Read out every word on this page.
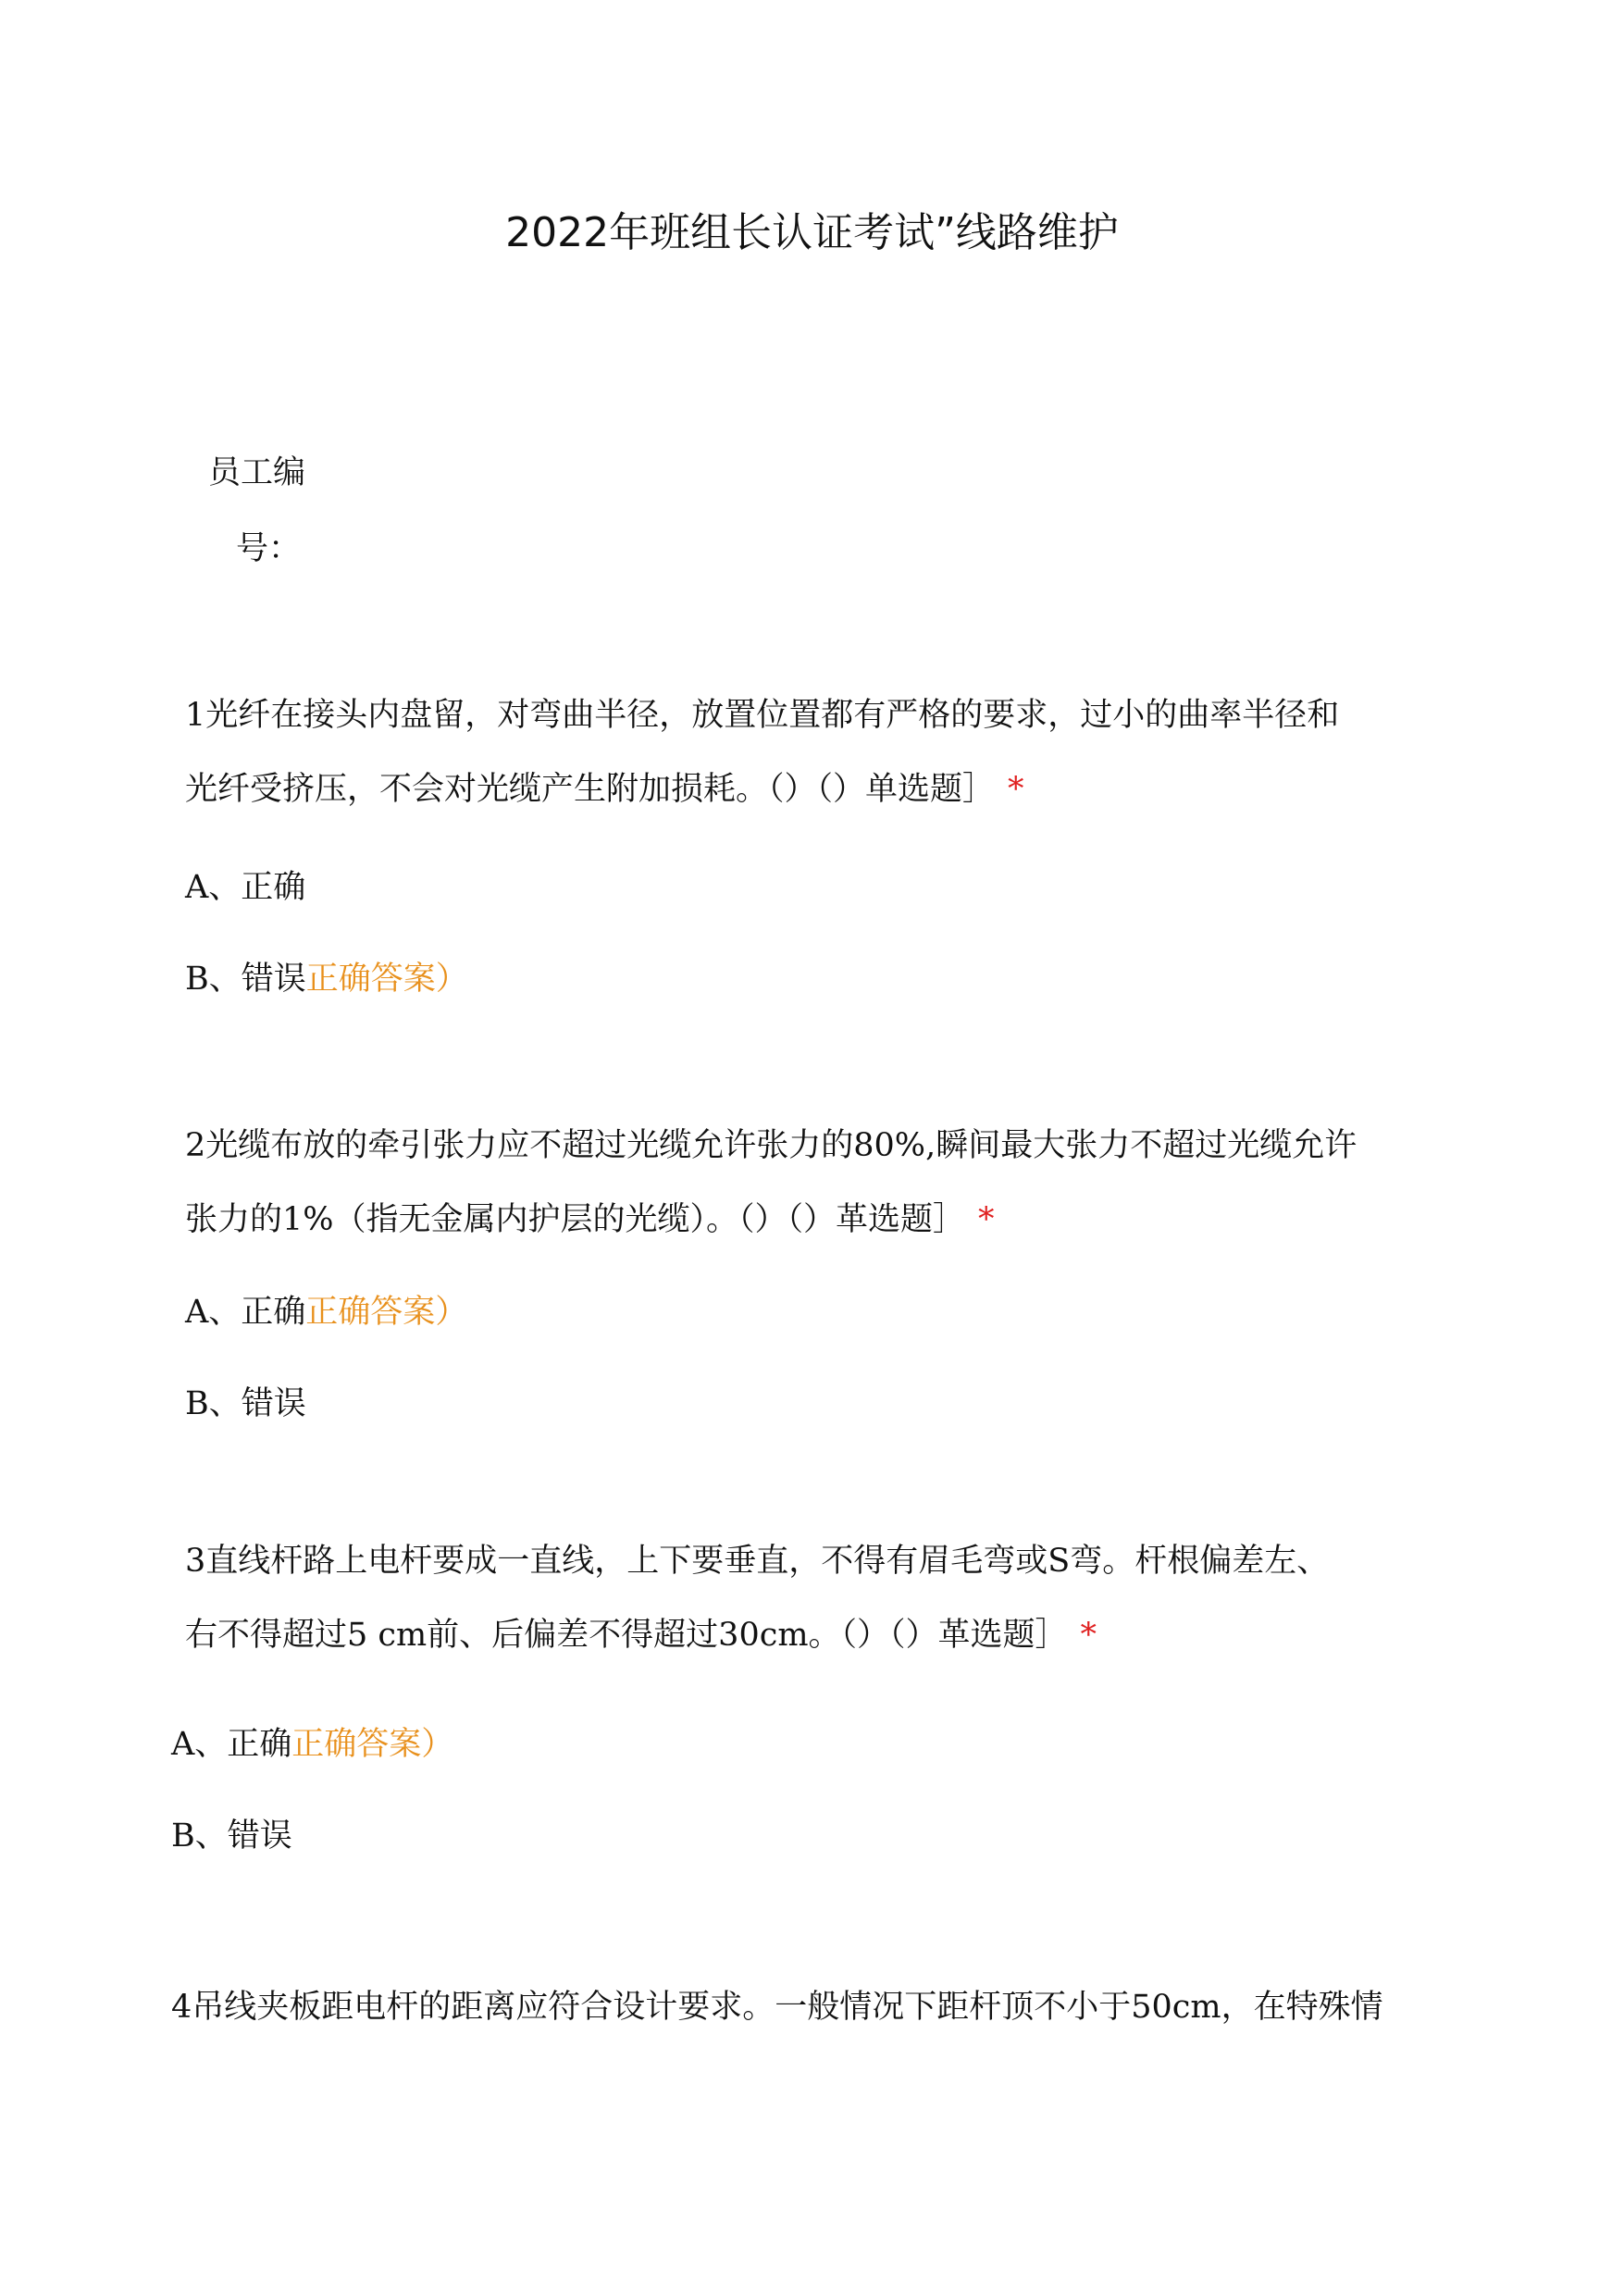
2022年班组长认证考试”线路维护
员工编
号：
1光纤在接头内盘留，对弯曲半径，放置位置都有严格的要求，过小的曲率半径和
光纤受挤压，不会对光缆产生附加损耗。（）（）单选题］ *
A、正确
B、错误正确答案）
2光缆布放的牵引张力应不超过光缆允许张力的80%,瞬间最大张力不超过光缆允许
张力的1%（指无金属内护层的光缆）。（）（）革选题］ *
A、正确正确答案）
B、错误
3直线杆路上电杆要成一直线，上下要垂直，不得有眉毛弯或S弯。杆根偏差左、
右不得超过5 cm前、后偏差不得超过30cm。（）（）革选题］ *
A、正确正确答案）
B、错误
4吊线夹板距电杆的距离应符合设计要求。一般情况下距杆顶不小于50cm，在特殊情
